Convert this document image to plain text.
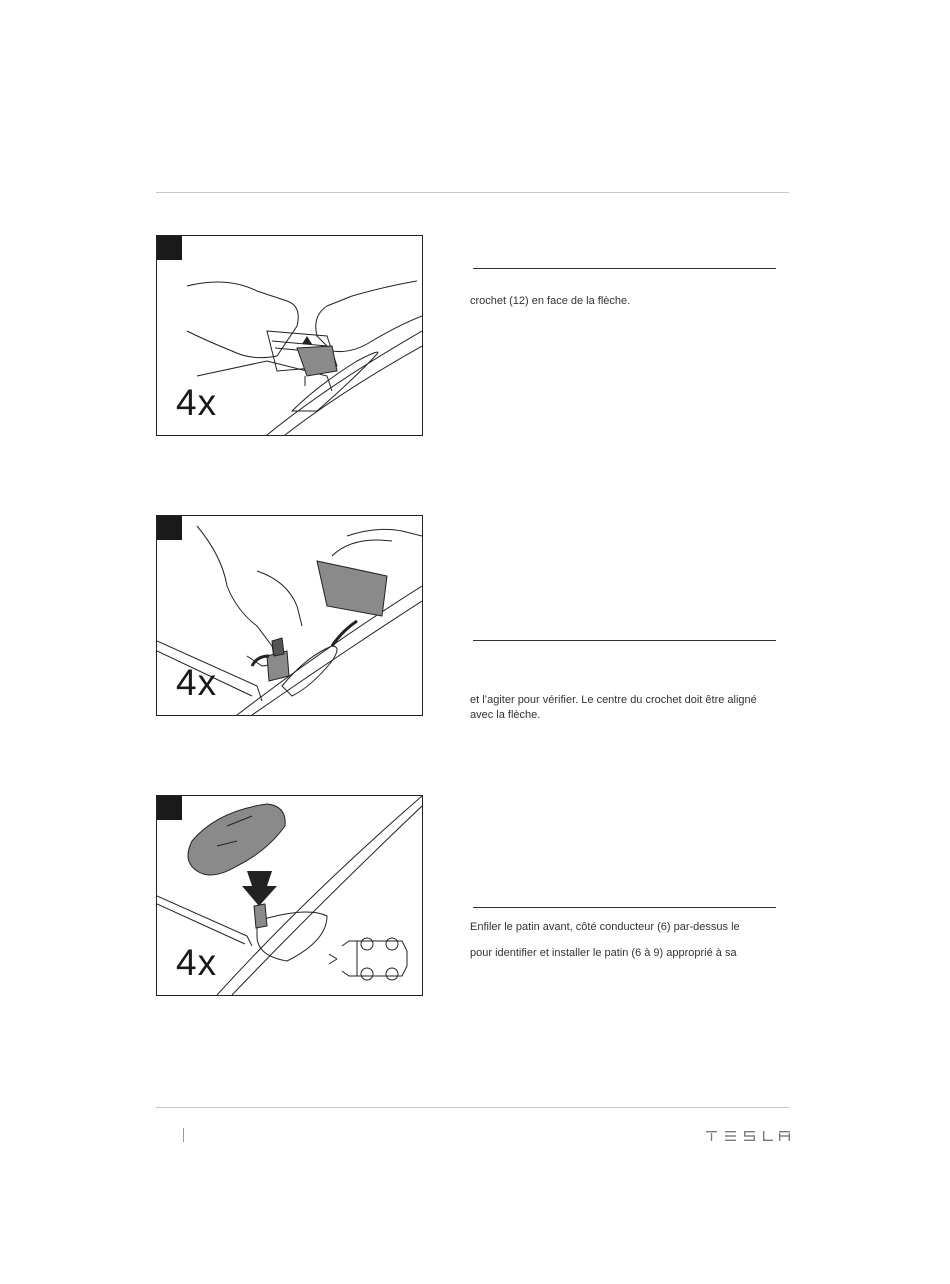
4x
4x
4x
crochet (12) en face de la flèche.
et l’agiter pour vérifier. Le centre du crochet doit être aligné avec la flèche.
Enfiler le patin avant, côté conducteur (6) par-dessus le
pour identifier et installer le patin (6 à 9) approprié à sa
